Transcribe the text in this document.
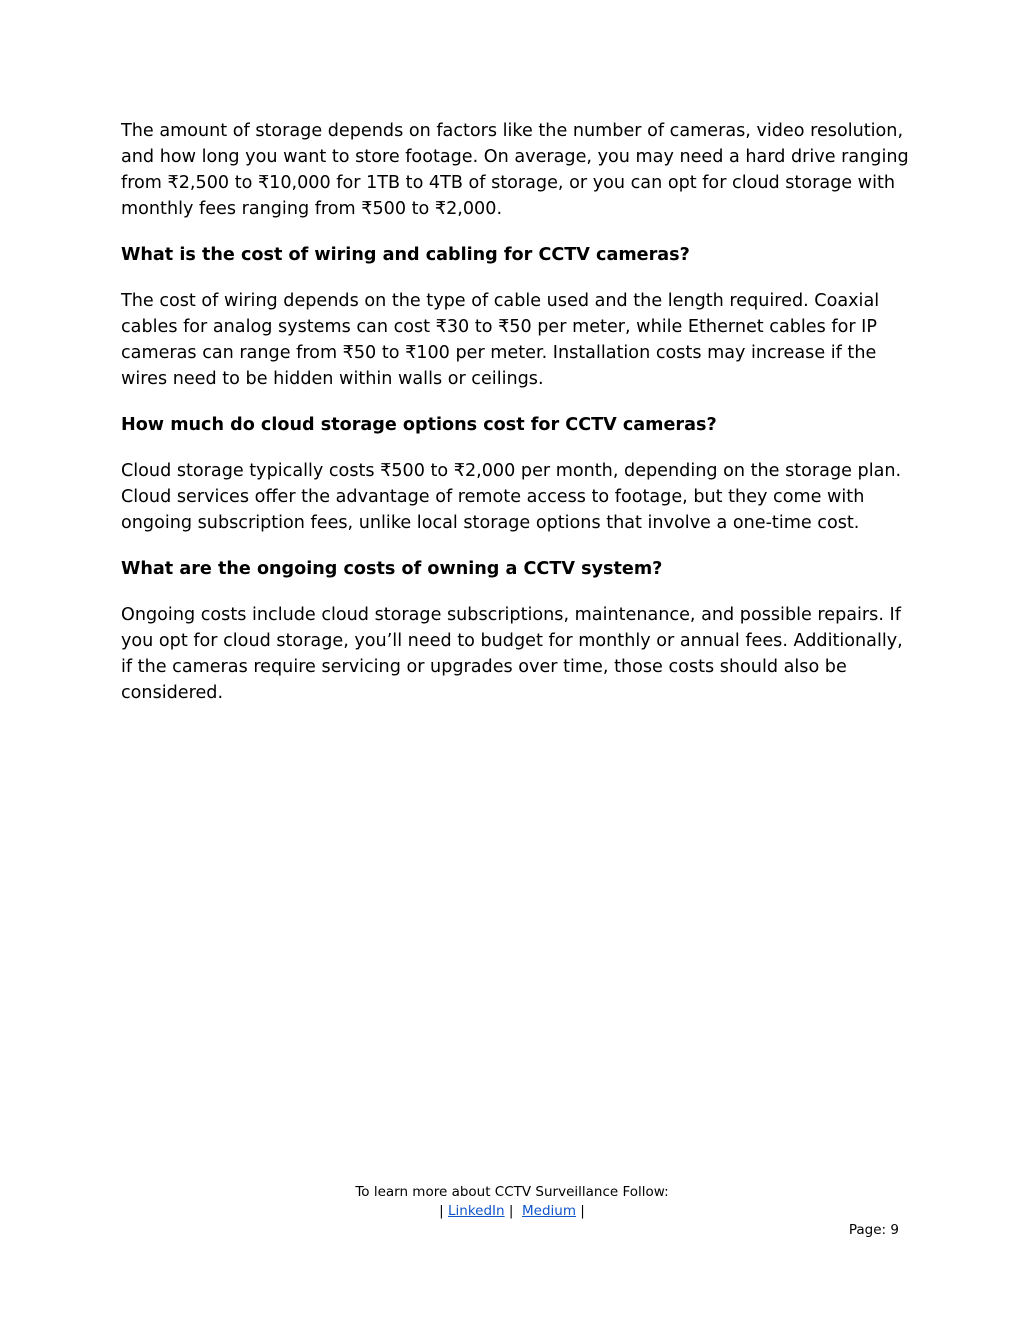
The amount of storage depends on factors like the number of cameras, video resolution, and how long you want to store footage. On average, you may need a hard drive ranging from ₹2,500 to ₹10,000 for 1TB to 4TB of storage, or you can opt for cloud storage with monthly fees ranging from ₹500 to ₹2,000.

What is the cost of wiring and cabling for CCTV cameras?

The cost of wiring depends on the type of cable used and the length required. Coaxial cables for analog systems can cost ₹30 to ₹50 per meter, while Ethernet cables for IP cameras can range from ₹50 to ₹100 per meter. Installation costs may increase if the wires need to be hidden within walls or ceilings.

How much do cloud storage options cost for CCTV cameras?

Cloud storage typically costs ₹500 to ₹2,000 per month, depending on the storage plan. Cloud services offer the advantage of remote access to footage, but they come with ongoing subscription fees, unlike local storage options that involve a one-time cost.

What are the ongoing costs of owning a CCTV system?

Ongoing costs include cloud storage subscriptions, maintenance, and possible repairs. If you opt for cloud storage, you’ll need to budget for monthly or annual fees. Additionally, if the cameras require servicing or upgrades over time, those costs should also be considered.

To learn more about CCTV Surveillance Follow:
| LinkedIn |  Medium |
Page: 9
